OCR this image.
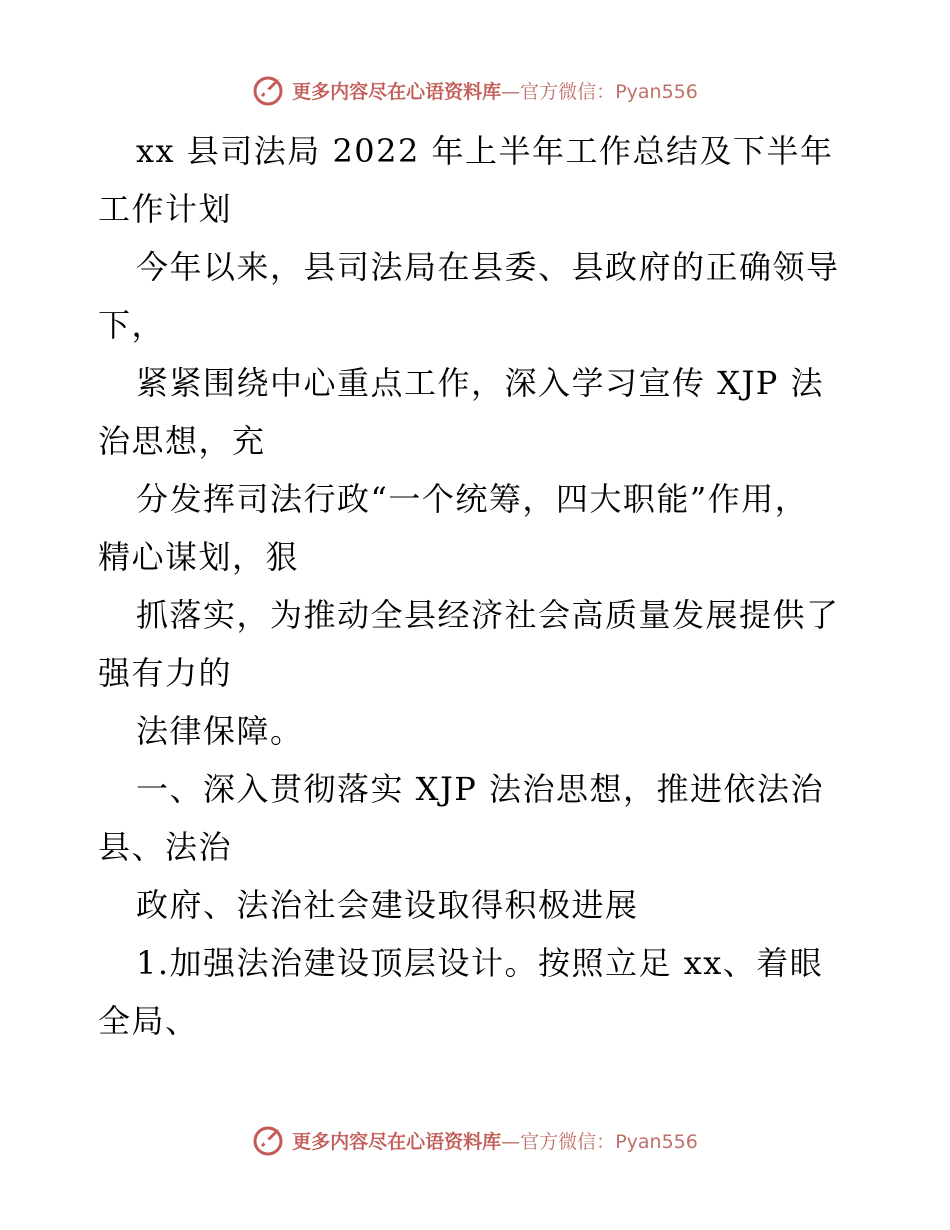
更多内容尽在心语资料库—官方微信：Pyan556
xx 县司法局 2022 年上半年工作总结及下半年
工作计划
今年以来，县司法局在县委、县政府的正确领导
下，
紧紧围绕中心重点工作，深入学习宣传 XJP 法
治思想，充
分发挥司法行政“一个统筹，四大职能”作用，
精心谋划，狠
抓落实，为推动全县经济社会高质量发展提供了
强有力的
法律保障。
一、深入贯彻落实 XJP 法治思想，推进依法治
县、法治
政府、法治社会建设取得积极进展
1.加强法治建设顶层设计。按照立足 xx、着眼
全局、
更多内容尽在心语资料库—官方微信：Pyan556
